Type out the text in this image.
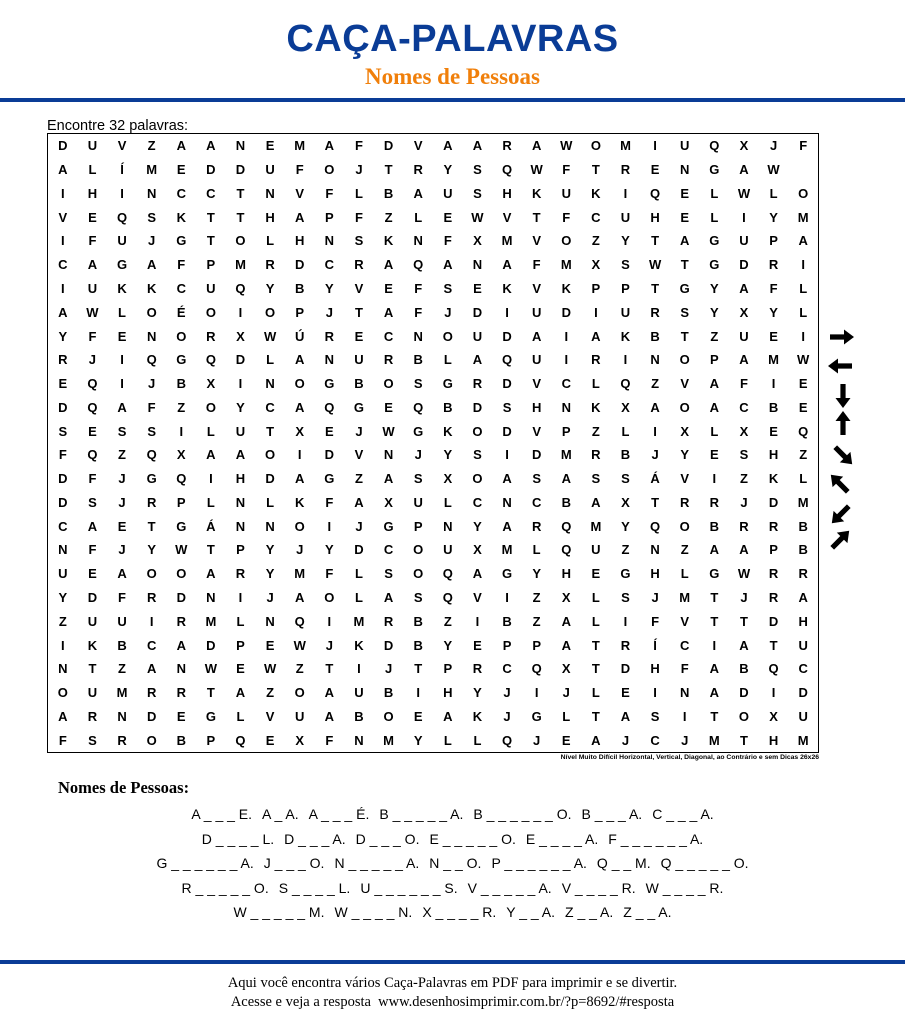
CAÇA-PALAVRAS
Nomes de Pessoas
Encontre 32 palavras:
D	U	V	Z	A	A	N	E	M	A	F	D	V	A	A	R	A	W	O	M	I	U	Q	X	J	F
A	L	Í	M	E	D	D	U	F	O	J	T	R	Y	S	Q	W	F	T	R	E	N	G	A	W
I	H	I	N	C	C	T	N	V	F	L	B	A	U	S	H	K	U	K	I	Q	E	L	W	L	O
V	E	Q	S	K	T	T	H	A	P	F	Z	L	E	W	V	T	F	C	U	H	E	L	I	Y	M
I	F	U	J	G	T	O	L	H	N	S	K	N	F	X	M	V	O	Z	Y	T	A	G	U	P	A
C	A	G	A	F	P	M	R	D	C	R	A	Q	A	N	A	F	M	X	S	W	T	G	D	R	I
I	U	K	K	C	U	Q	Y	B	Y	V	E	F	S	E	K	V	K	P	P	T	G	Y	A	F	L
A	W	L	O	É	O	I	O	P	J	T	A	F	J	D	I	U	D	I	U	R	S	Y	X	Y	L
Y	F	E	N	O	R	X	W	Ú	R	E	C	N	O	U	D	A	I	A	K	B	T	Z	U	E	I
R	J	I	Q	G	Q	D	L	A	N	U	R	B	L	A	Q	U	I	R	I	N	O	P	A	M	W
E	Q	I	J	B	X	I	N	O	G	B	O	S	G	R	D	V	C	L	Q	Z	V	A	F	I	E
D	Q	A	F	Z	O	Y	C	A	Q	G	E	Q	B	D	S	H	N	K	X	A	O	A	C	B	E
S	E	S	S	I	L	U	T	X	E	J	W	G	K	O	D	V	P	Z	L	I	X	L	X	E	Q
F	Q	Z	Q	X	A	A	O	I	D	V	N	J	Y	S	I	D	M	R	B	J	Y	E	S	H	Z
D	F	J	G	Q	I	H	D	A	G	Z	A	S	X	O	A	S	A	S	S	Á	V	I	Z	K	L
D	S	J	R	P	L	N	L	K	F	A	X	U	L	C	N	C	B	A	X	T	R	R	J	D	M
C	A	E	T	G	Á	N	N	O	I	J	G	P	N	Y	A	R	Q	M	Y	Q	O	B	R	R	B
N	F	J	Y	W	T	P	Y	J	Y	D	C	O	U	X	M	L	Q	U	Z	N	Z	A	A	P	B
U	E	A	O	O	A	R	Y	M	F	L	S	O	Q	A	G	Y	H	E	G	H	L	G	W	R	R
Y	D	F	R	D	N	I	J	A	O	L	A	S	Q	V	I	Z	X	L	S	J	M	T	J	R	A
Z	U	U	I	R	M	L	N	Q	I	M	R	B	Z	I	B	Z	A	L	I	F	V	T	T	D	H
I	K	B	C	A	D	P	E	W	J	K	D	B	Y	E	P	P	A	T	R	Í	C	I	A	T	U
N	T	Z	A	N	W	E	W	Z	T	I	J	T	P	R	C	Q	X	T	D	H	F	A	B	Q	C
O	U	M	R	R	T	A	Z	O	A	U	B	I	H	Y	J	I	J	L	E	I	N	A	D	I	D
A	R	N	D	E	G	L	V	U	A	B	O	E	A	K	J	G	L	T	A	S	I	T	O	X	U
F	S	R	O	B	P	Q	E	X	F	N	M	Y	L	L	Q	J	E	A	J	C	J	M	T	H	M
Nível Muito Difícil Horizontal, Vertical, Diagonal, ao Contrário e sem Dicas 26x26
Nomes de Pessoas:
A _ _ _ E. A _ A. A _ _ _ É. B _ _ _ _ _ A. B _ _ _ _ _ _ O. B _ _ _ A. C _ _ _ A.
D _ _ _ _ L. D _ _ _ A. D _ _ _ O. E _ _ _ _ _ O. E _ _ _ _ A. F _ _ _ _ _ _ A.
G _ _ _ _ _ _ A. J _ _ _ O. N _ _ _ _ _ A. N _ _ O. P _ _ _ _ _ _ A. Q _ _ M. Q _ _ _ _ _ O.
R _ _ _ _ _ O. S _ _ _ _ L. U _ _ _ _ _ _ S. V _ _ _ _ _ A. V _ _ _ _ R. W _ _ _ _ R.
W _ _ _ _ _ M. W _ _ _ _ N. X _ _ _ _ R. Y _ _ A. Z _ _ A. Z _ _ A.
Aqui você encontra vários Caça-Palavras em PDF para imprimir e se divertir.
Acesse e veja a resposta  www.desenhosimprimir.com.br/?p=8692/#resposta
